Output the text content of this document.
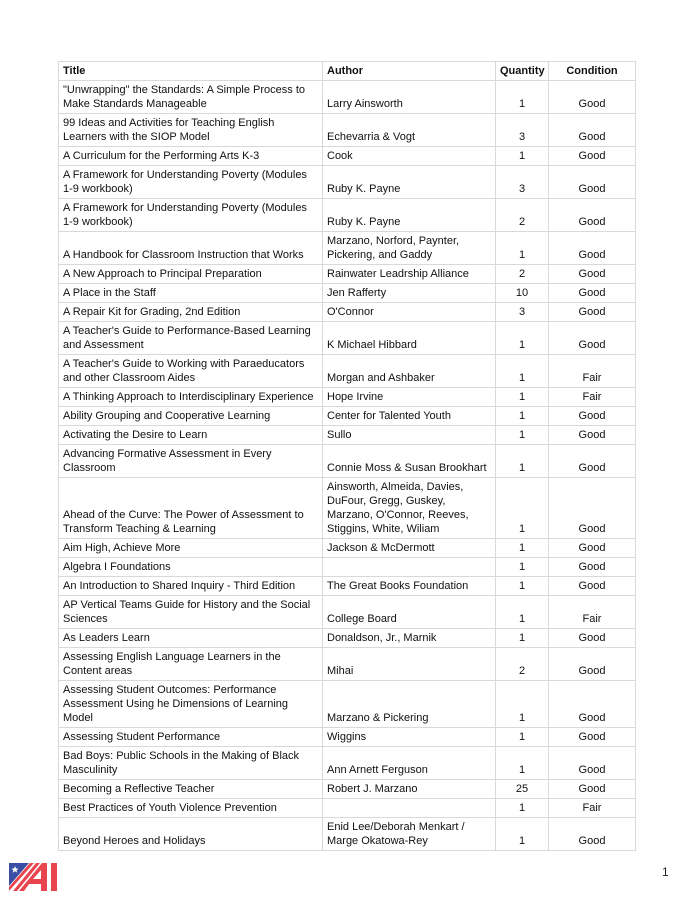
Title	Author	Quantity	Condition
"Unwrapping" the Standards: A Simple Process to Make Standards Manageable	Larry Ainsworth	1	Good
99 Ideas and Activities for Teaching English Learners with the SIOP Model	Echevarria & Vogt	3	Good
A Curriculum for the Performing Arts K-3	Cook	1	Good
A Framework for Understanding Poverty (Modules 1-9 workbook)	Ruby K. Payne	3	Good
A Framework for Understanding Poverty (Modules 1-9 workbook)	Ruby K. Payne	2	Good
A Handbook for Classroom Instruction that Works	Marzano, Norford, Paynter, Pickering, and Gaddy	1	Good
A New Approach to Principal Preparation	Rainwater Leadrship Alliance	2	Good
A Place in the Staff	Jen Rafferty	10	Good
A Repair Kit for Grading, 2nd Edition	O'Connor	3	Good
A Teacher's Guide to Performance-Based Learning and Assessment	K Michael Hibbard	1	Good
A Teacher's Guide to Working with Paraeducators and other Classroom Aides	Morgan and Ashbaker	1	Fair
A Thinking Approach to Interdisciplinary Experience	Hope Irvine	1	Fair
Ability Grouping and Cooperative Learning	Center for Talented Youth	1	Good
Activating the Desire to Learn	Sullo	1	Good
Advancing Formative Assessment in Every Classroom	Connie Moss & Susan Brookhart	1	Good
Ahead of the Curve: The Power of Assessment to Transform Teaching & Learning	Ainsworth, Almeida, Davies, DuFour, Gregg, Guskey, Marzano, O'Connor, Reeves, Stiggins, White, Wiliam	1	Good
Aim High, Achieve More	Jackson & McDermott	1	Good
Algebra I Foundations		1	Good
An Introduction to Shared Inquiry - Third Edition	The Great Books Foundation	1	Good
AP Vertical Teams Guide for History and the Social Sciences	College Board	1	Fair
As Leaders Learn	Donaldson, Jr., Marnik	1	Good
Assessing English Language Learners in the Content areas	Mihai	2	Good
Assessing Student Outcomes: Performance Assessment Using he Dimensions of Learning Model	Marzano & Pickering	1	Good
Assessing Student Performance	Wiggins	1	Good
Bad Boys: Public Schools in the Making of Black Masculinity	Ann Arnett Ferguson	1	Good
Becoming a Reflective Teacher	Robert J. Marzano	25	Good
Best Practices of Youth Violence Prevention		1	Fair
Beyond Heroes and Holidays	Enid Lee/Deborah Menkart / Marge Okatowa-Rey	1	Good
1
